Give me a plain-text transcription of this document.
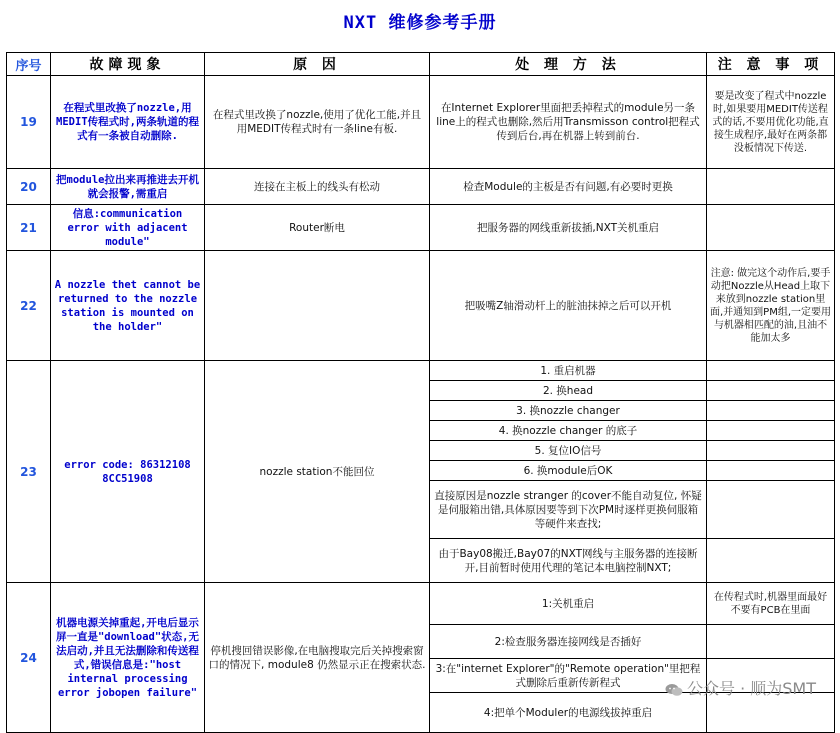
NXT 维修参考手册
序号	故障现象	原 因	处 理 方 法	注 意 事 项
19	在程式里改换了nozzle,用MEDIT传程式时,两条轨道的程式有一条被自动删除.	在程式里改换了nozzle,使用了优化工能,并且用MEDIT传程式时有一条line有板.	在Internet Explorer里面把丢掉程式的module另一条line上的程式也删除,然后用Transmisson control把程式传到后台,再在机器上转到前台.	要是改变了程式中nozzle时,如果要用MEDIT传送程式的话,不要用优化功能,直接生成程序,最好在两条都没板情况下传送.
20	把module拉出来再推进去开机就会报警,需重启	连接在主板上的线头有松动	检查Module的主板是否有问题,有必要时更换	
21	信息:communication error with adjacent module"	Router断电	把服务器的网线重新拔插,NXT关机重启	
22	A nozzle thet cannot be returned to the nozzle station is mounted on the holder"		把吸嘴Z轴滑动杆上的脏油抹掉之后可以开机	注意: 做完这个动作后,要手动把Nozzle从Head上取下来放到nozzle station里面,并通知到PM组,一定要用与机器相匹配的油,且油不能加太多
23	error code: 86312108 8CC51908	nozzle station不能回位	1. 重启机器	
			2. 换head	
			3. 换nozzle changer	
			4. 换nozzle changer 的底子	
			5. 复位IO信号	
			6. 换module后OK	
			直接原因是nozzle stranger 的cover不能自动复位, 怀疑是伺服箱出错,具体原因要等到下次PM时逐样更换伺服箱等硬件来查找;	
			由于Bay08搬迁,Bay07的NXT网线与主服务器的连接断开,目前暂时使用代理的笔记本电脑控制NXT;	
24	机器电源关掉重起,开电后显示屏一直是"download"状态,无法启动,并且无法删除和传送程式,错误信息是:"host internal processing error jobopen failure"	停机搜回错误影像,在电脑搜取完后关掉搜索窗口的情况下, module8 仍然显示正在搜索状态.	1:关机重启	在传程式时,机器里面最好不要有PCB在里面
			2:检查服务器连接网线是否插好	
			3:在"internet Explorer"的"Remote operation"里把程式删除后重新传新程式	
			4:把单个Moduler的电源线拔掉重启	
公众号 · 顺为SMT
